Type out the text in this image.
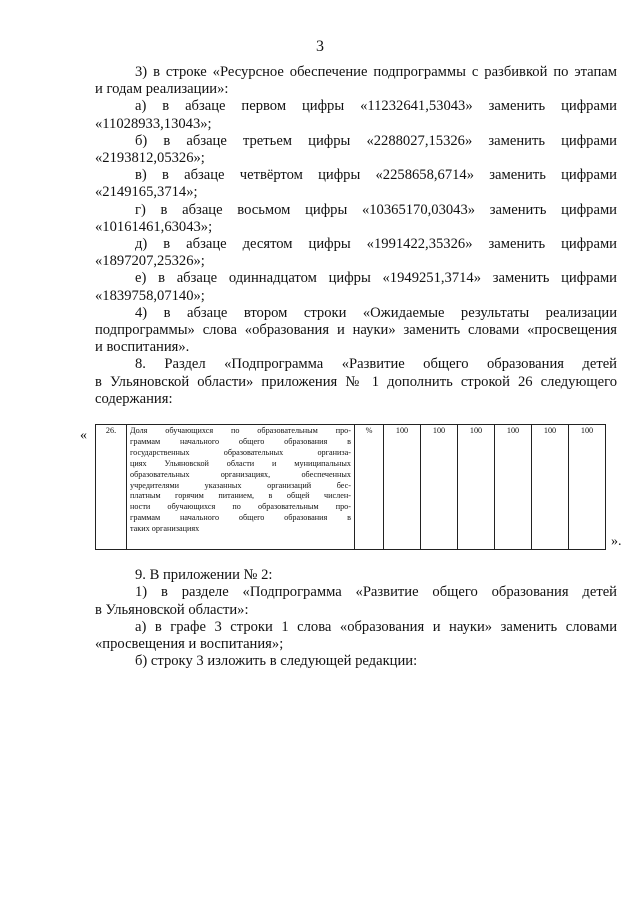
3
3) в строке «Ресурсное обеспечение подпрограммы с разбивкой по этапам
и годам реализации»:
а) в абзаце первом цифры «11232641,53043» заменить цифрами
«11028933,13043»;
б) в абзаце третьем цифры «2288027,15326» заменить цифрами
«2193812,05326»;
в) в абзаце четвёртом цифры «2258658,6714» заменить цифрами
«2149165,3714»;
г) в абзаце восьмом цифры «10365170,03043» заменить цифрами
«10161461,63043»;
д) в абзаце десятом цифры «1991422,35326» заменить цифрами
«1897207,25326»;
е) в абзаце одиннадцатом цифры «1949251,3714» заменить цифрами
«1839758,07140»;
4) в абзаце втором строки «Ожидаемые результаты реализации
подпрограммы» слова «образования и науки» заменить словами «просвещения
и воспитания».
8. Раздел «Подпрограмма «Развитие общего образования детей
в Ульяновской области» приложения № 1 дополнить строкой 26 следующего
содержания:
« 26.	Доля обучающихся по образовательным про-
граммам начального общего образования в
государственных образовательных организа-
циях Ульяновской области и муниципальных
образовательных организациях, обеспеченных
учредителями указанных организаций бес-
платным горячим питанием, в общей числен-
ности обучающихся по образовательным про-
граммам начального общего образования в
таких организациях
	%	100	100	100	100	100	100
».
9. В приложении № 2:
1) в разделе «Подпрограмма «Развитие общего образования детей
в Ульяновской области»:
а) в графе 3 строки 1 слова «образования и науки» заменить словами
«просвещения и воспитания»;
б) строку 3 изложить в следующей редакции:
